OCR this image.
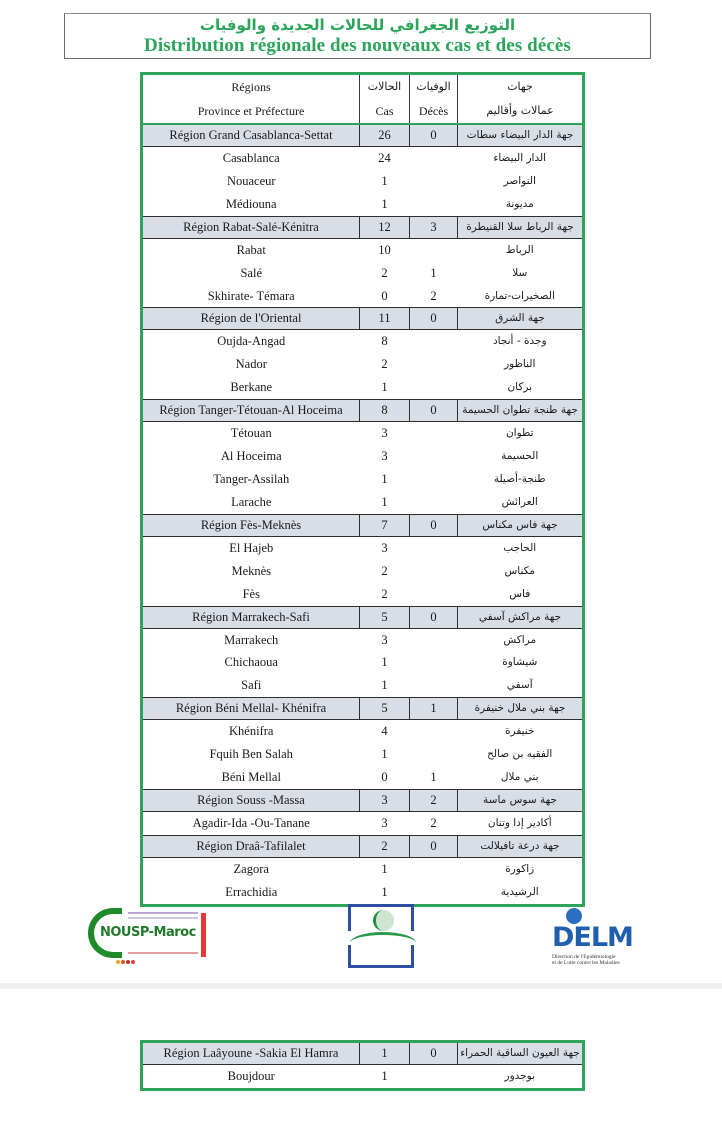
التوزيع الجغرافي للحالات الجديدة والوفيات
Distribution régionale des nouveaux cas et des décès
Régions	الحالات	الوفيات	جهات
Province et Préfecture	Cas	Décès	عمالات وأقاليم
Région Grand Casablanca-Settat	26	0	جهة الدار البيضاء سطات
Casablanca	24		الدار البيضاء
Nouaceur	1		النواصر
Médiouna	1		مديونة
Région Rabat-Salé-Kénitra	12	3	جهة الرباط سلا القنيطرة
Rabat	10		الرباط
Salé	2	1	سلا
Skhirate- Témara	0	2	الصخيرات-تمارة
Région de l'Oriental	11	0	جهة الشرق
Oujda-Angad	8		وجدة - أنجاد
Nador	2		الناظور
Berkane	1		بركان
Région Tanger-Tétouan-Al Hoceima	8	0	جهة طنجة تطوان الحسيمة
Tétouan	3		تطوان
Al Hoceima	3		الحسيمة
Tanger-Assilah	1		طنجة-أصيلة
Larache	1		العرائش
Région Fès-Meknès	7	0	جهة فاس مكناس
El Hajeb	3		الحاجب
Meknès	2		مكناس
Fès	2		فاس
Région Marrakech-Safi	5	0	جهة مراكش آسفي
Marrakech	3		مراكش
Chichaoua	1		شيشاوة
Safi	1		آسفي
Région Béni Mellal- Khénifra	5	1	جهة بني ملال خنيفرة
Khénifra	4		خنيفرة
Fquih Ben Salah	1		الفقيه بن صالح
Béni Mellal	0	1	بني ملال
Région Souss -Massa	3	2	جهة سوس ماسة
Agadir-Ida -Ou-Tanane	3	2	أكادير إدا وتنان
Région Draâ-Tafilalet	2	0	جهة درعة تافيلالت
Zagora	1		زاكورة
Errachidia	1		الرشيدية
NOUSP-Maroc	DELM
Direction de l'Epidémiologie
et de Lutte contre les Maladies
Région Laâyoune -Sakia El Hamra	1	0	جهة العيون الساقية الحمراء
Boujdour	1		بوجدور
